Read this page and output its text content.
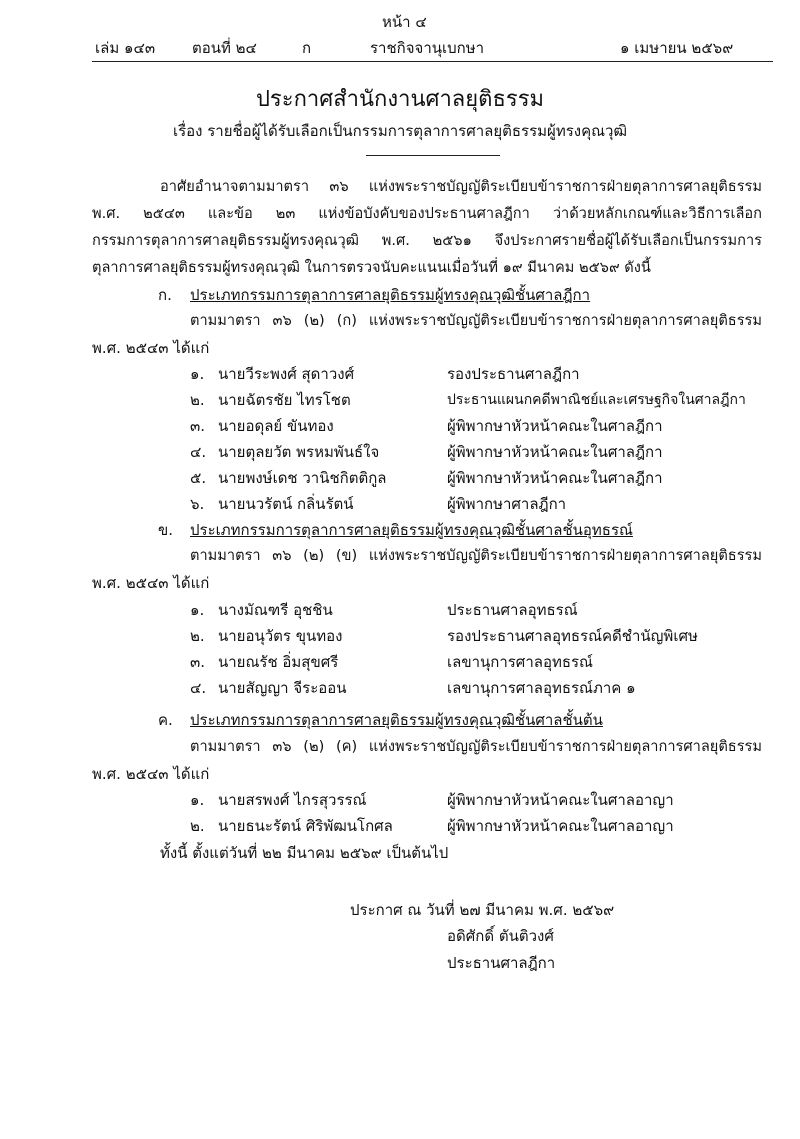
หน้า ๔
เล่ม ๑๔๓ ตอนที่ ๒๔	ก	ราชกิจจานุเบกษา	๑ เมษายน ๒๕๖๙
ประกาศสำนักงานศาลยุติธรรม
เรื่อง รายชื่อผู้ได้รับเลือกเป็นกรรมการตุลาการศาลยุติธรรมผู้ทรงคุณวุฒิ
อาศัยอำนาจตามมาตรา ๓๖ แห่งพระราชบัญญัติระเบียบข้าราชการฝ่ายตุลาการศาลยุติธรรม
พ.ศ. ๒๕๔๓ และข้อ ๒๓ แห่งข้อบังคับของประธานศาลฎีกา ว่าด้วยหลักเกณฑ์และวิธีการเลือก
กรรมการตุลาการศาลยุติธรรมผู้ทรงคุณวุฒิ พ.ศ. ๒๕๖๑ จึงประกาศรายชื่อผู้ได้รับเลือกเป็นกรรมการ
ตุลาการศาลยุติธรรมผู้ทรงคุณวุฒิ ในการตรวจนับคะแนนเมื่อวันที่ ๑๙ มีนาคม ๒๕๖๙ ดังนี้
ก. ประเภทกรรมการตุลาการศาลยุติธรรมผู้ทรงคุณวุฒิชั้นศาลฎีกา
ตามมาตรา ๓๖ (๒) (ก) แห่งพระราชบัญญัติระเบียบข้าราชการฝ่ายตุลาการศาลยุติธรรม
พ.ศ. ๒๕๔๓ ได้แก่
๑. นายวีระพงศ์ สุดาวงศ์	รองประธานศาลฎีกา
๒. นายฉัตรชัย ไทรโชต	ประธานแผนกคดีพาณิชย์และเศรษฐกิจในศาลฎีกา
๓. นายอดุลย์ ขันทอง	ผู้พิพากษาหัวหน้าคณะในศาลฎีกา
๔. นายตุลยวัต พรหมพันธ์ใจ	ผู้พิพากษาหัวหน้าคณะในศาลฎีกา
๕. นายพงษ์เดช วานิชกิตติกูล	ผู้พิพากษาหัวหน้าคณะในศาลฎีกา
๖. นายนวรัตน์ กลิ่นรัตน์	ผู้พิพากษาศาลฎีกา
ข. ประเภทกรรมการตุลาการศาลยุติธรรมผู้ทรงคุณวุฒิชั้นศาลชั้นอุทธรณ์
ตามมาตรา ๓๖ (๒) (ข) แห่งพระราชบัญญัติระเบียบข้าราชการฝ่ายตุลาการศาลยุติธรรม
พ.ศ. ๒๕๔๓ ได้แก่
๑. นางมัณฑรี อุชชิน	ประธานศาลอุทธรณ์
๒. นายอนุวัตร ขุนทอง	รองประธานศาลอุทธรณ์คดีชำนัญพิเศษ
๓. นายณรัช อิ่มสุขศรี	เลขานุการศาลอุทธรณ์
๔. นายสัญญา จีระออน	เลขานุการศาลอุทธรณ์ภาค ๑
ค. ประเภทกรรมการตุลาการศาลยุติธรรมผู้ทรงคุณวุฒิชั้นศาลชั้นต้น
ตามมาตรา ๓๖ (๒) (ค) แห่งพระราชบัญญัติระเบียบข้าราชการฝ่ายตุลาการศาลยุติธรรม
พ.ศ. ๒๕๔๓ ได้แก่
๑. นายสรพงศ์ ไกรสุวรรณ์	ผู้พิพากษาหัวหน้าคณะในศาลอาญา
๒. นายธนะรัตน์ ศิริพัฒนโกศล	ผู้พิพากษาหัวหน้าคณะในศาลอาญา
ทั้งนี้ ตั้งแต่วันที่ ๒๒ มีนาคม ๒๕๖๙ เป็นต้นไป
ประกาศ ณ วันที่ ๒๗ มีนาคม พ.ศ. ๒๕๖๙
อดิศักดิ์ ตันติวงศ์
ประธานศาลฎีกา
